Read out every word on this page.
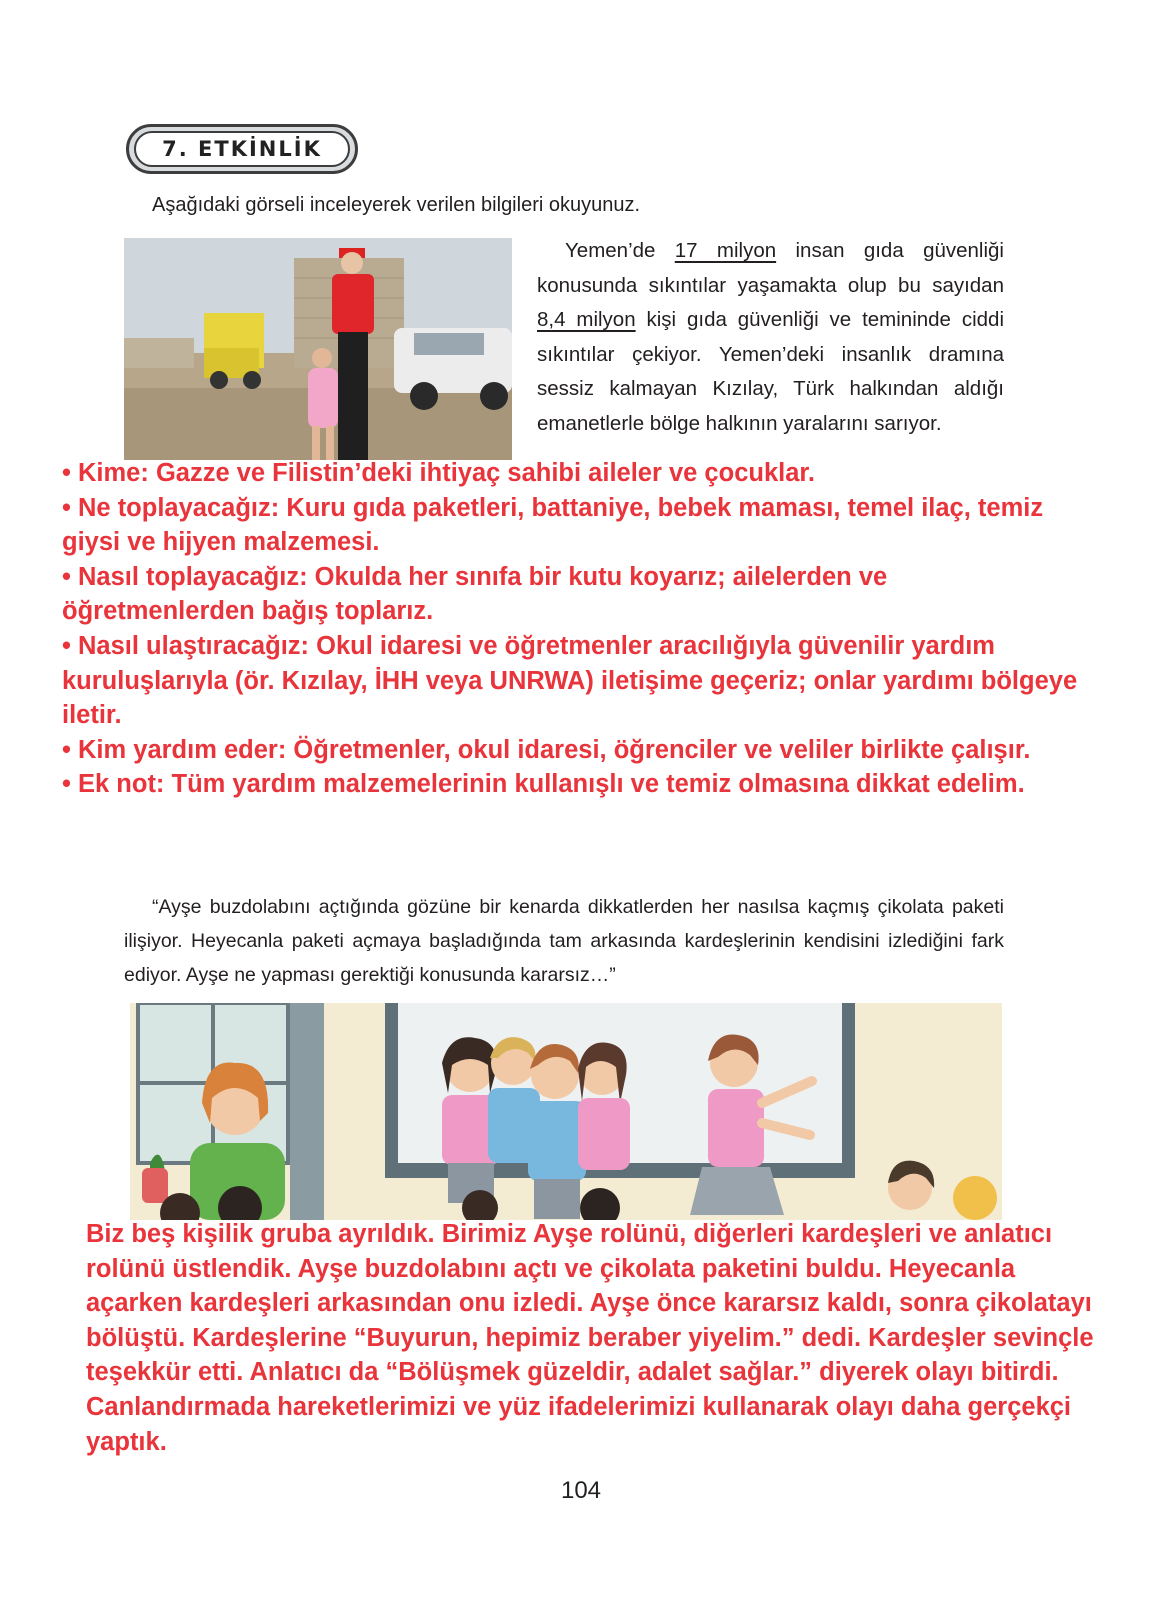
7. ETKİNLİK
Aşağıdaki görseli inceleyerek verilen bilgileri okuyunuz.

Yemen’de 17 milyon insan gıda güvenliği konusunda sıkıntılar yaşamakta olup bu sayıdan 8,4 milyon kişi gıda güvenliği ve temininde ciddi sıkıntılar çekiyor. Yemen’deki insanlık dramına sessiz kalmayan Kızılay, Türk halkından aldığı emanetlerle bölge halkının yaralarını sarıyor.

• Kime: Gazze ve Filistin’deki ihtiyaç sahibi aileler ve çocuklar.
• Ne toplayacağız: Kuru gıda paketleri, battaniye, bebek maması, temel ilaç, temiz giysi ve hijyen malzemesi.
• Nasıl toplayacağız: Okulda her sınıfa bir kutu koyarız; ailelerden ve öğretmenlerden bağış toplarız.
• Nasıl ulaştıracağız: Okul idaresi ve öğretmenler aracılığıyla güvenilir yardım kuruluşlarıyla (ör. Kızılay, İHH veya UNRWA) iletişime geçeriz; onlar yardımı bölgeye iletir.
• Kim yardım eder: Öğretmenler, okul idaresi, öğrenciler ve veliler birlikte çalışır.
• Ek not: Tüm yardım malzemelerinin kullanışlı ve temiz olmasına dikkat edelim.

“Ayşe buzdolabını açtığında gözüne bir kenarda dikkatlerden her nasılsa kaçmış çikolata paketi ilişiyor. Heyecanla paketi açmaya başladığında tam arkasında kardeşlerinin kendisini izlediğini fark ediyor. Ayşe ne yapması gerektiği konusunda kararsız…”

Biz beş kişilik gruba ayrıldık. Birimiz Ayşe rolünü, diğerleri kardeşleri ve anlatıcı rolünü üstlendik. Ayşe buzdolabını açtı ve çikolata paketini buldu. Heyecanla açarken kardeşleri arkasından onu izledi. Ayşe önce kararsız kaldı, sonra çikolatayı bölüştü. Kardeşlerine “Buyurun, hepimiz beraber yiyelim.” dedi. Kardeşler sevinçle teşekkür etti. Anlatıcı da “Bölüşmek güzeldir, adalet sağlar.” diyerek olayı bitirdi. Canlandırmada hareketlerimizi ve yüz ifadelerimizi kullanarak olayı daha gerçekçi yaptık.
104
